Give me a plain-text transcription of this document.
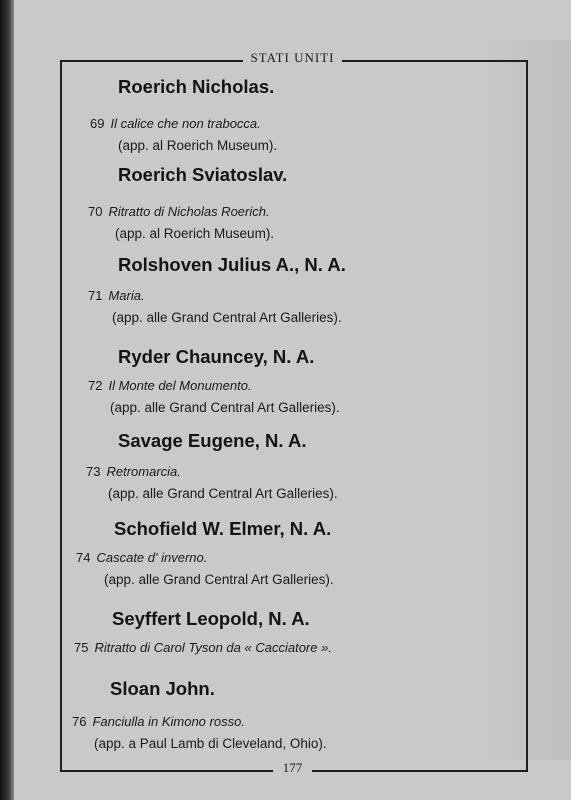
STATI UNITI
Roerich Nicholas.
69 Il calice che non trabocca.
(app. al Roerich Museum).
Roerich Sviatoslav.
70 Ritratto di Nicholas Roerich.
(app. al Roerich Museum).
Rolshoven Julius A., N. A.
71 Maria.
(app. alle Grand Central Art Galleries).
Ryder Chauncey, N. A.
72 Il Monte del Monumento.
(app. alle Grand Central Art Galleries).
Savage Eugene, N. A.
73 Retromarcia.
(app. alle Grand Central Art Galleries).
Schofield W. Elmer, N. A.
74 Cascate d' inverno.
(app. alle Grand Central Art Galleries).
Seyffert Leopold, N. A.
75 Ritratto di Carol Tyson da « Cacciatore ».
Sloan John.
76 Fanciulla in Kimono rosso.
(app. a Paul Lamb di Cleveland, Ohio).
177
